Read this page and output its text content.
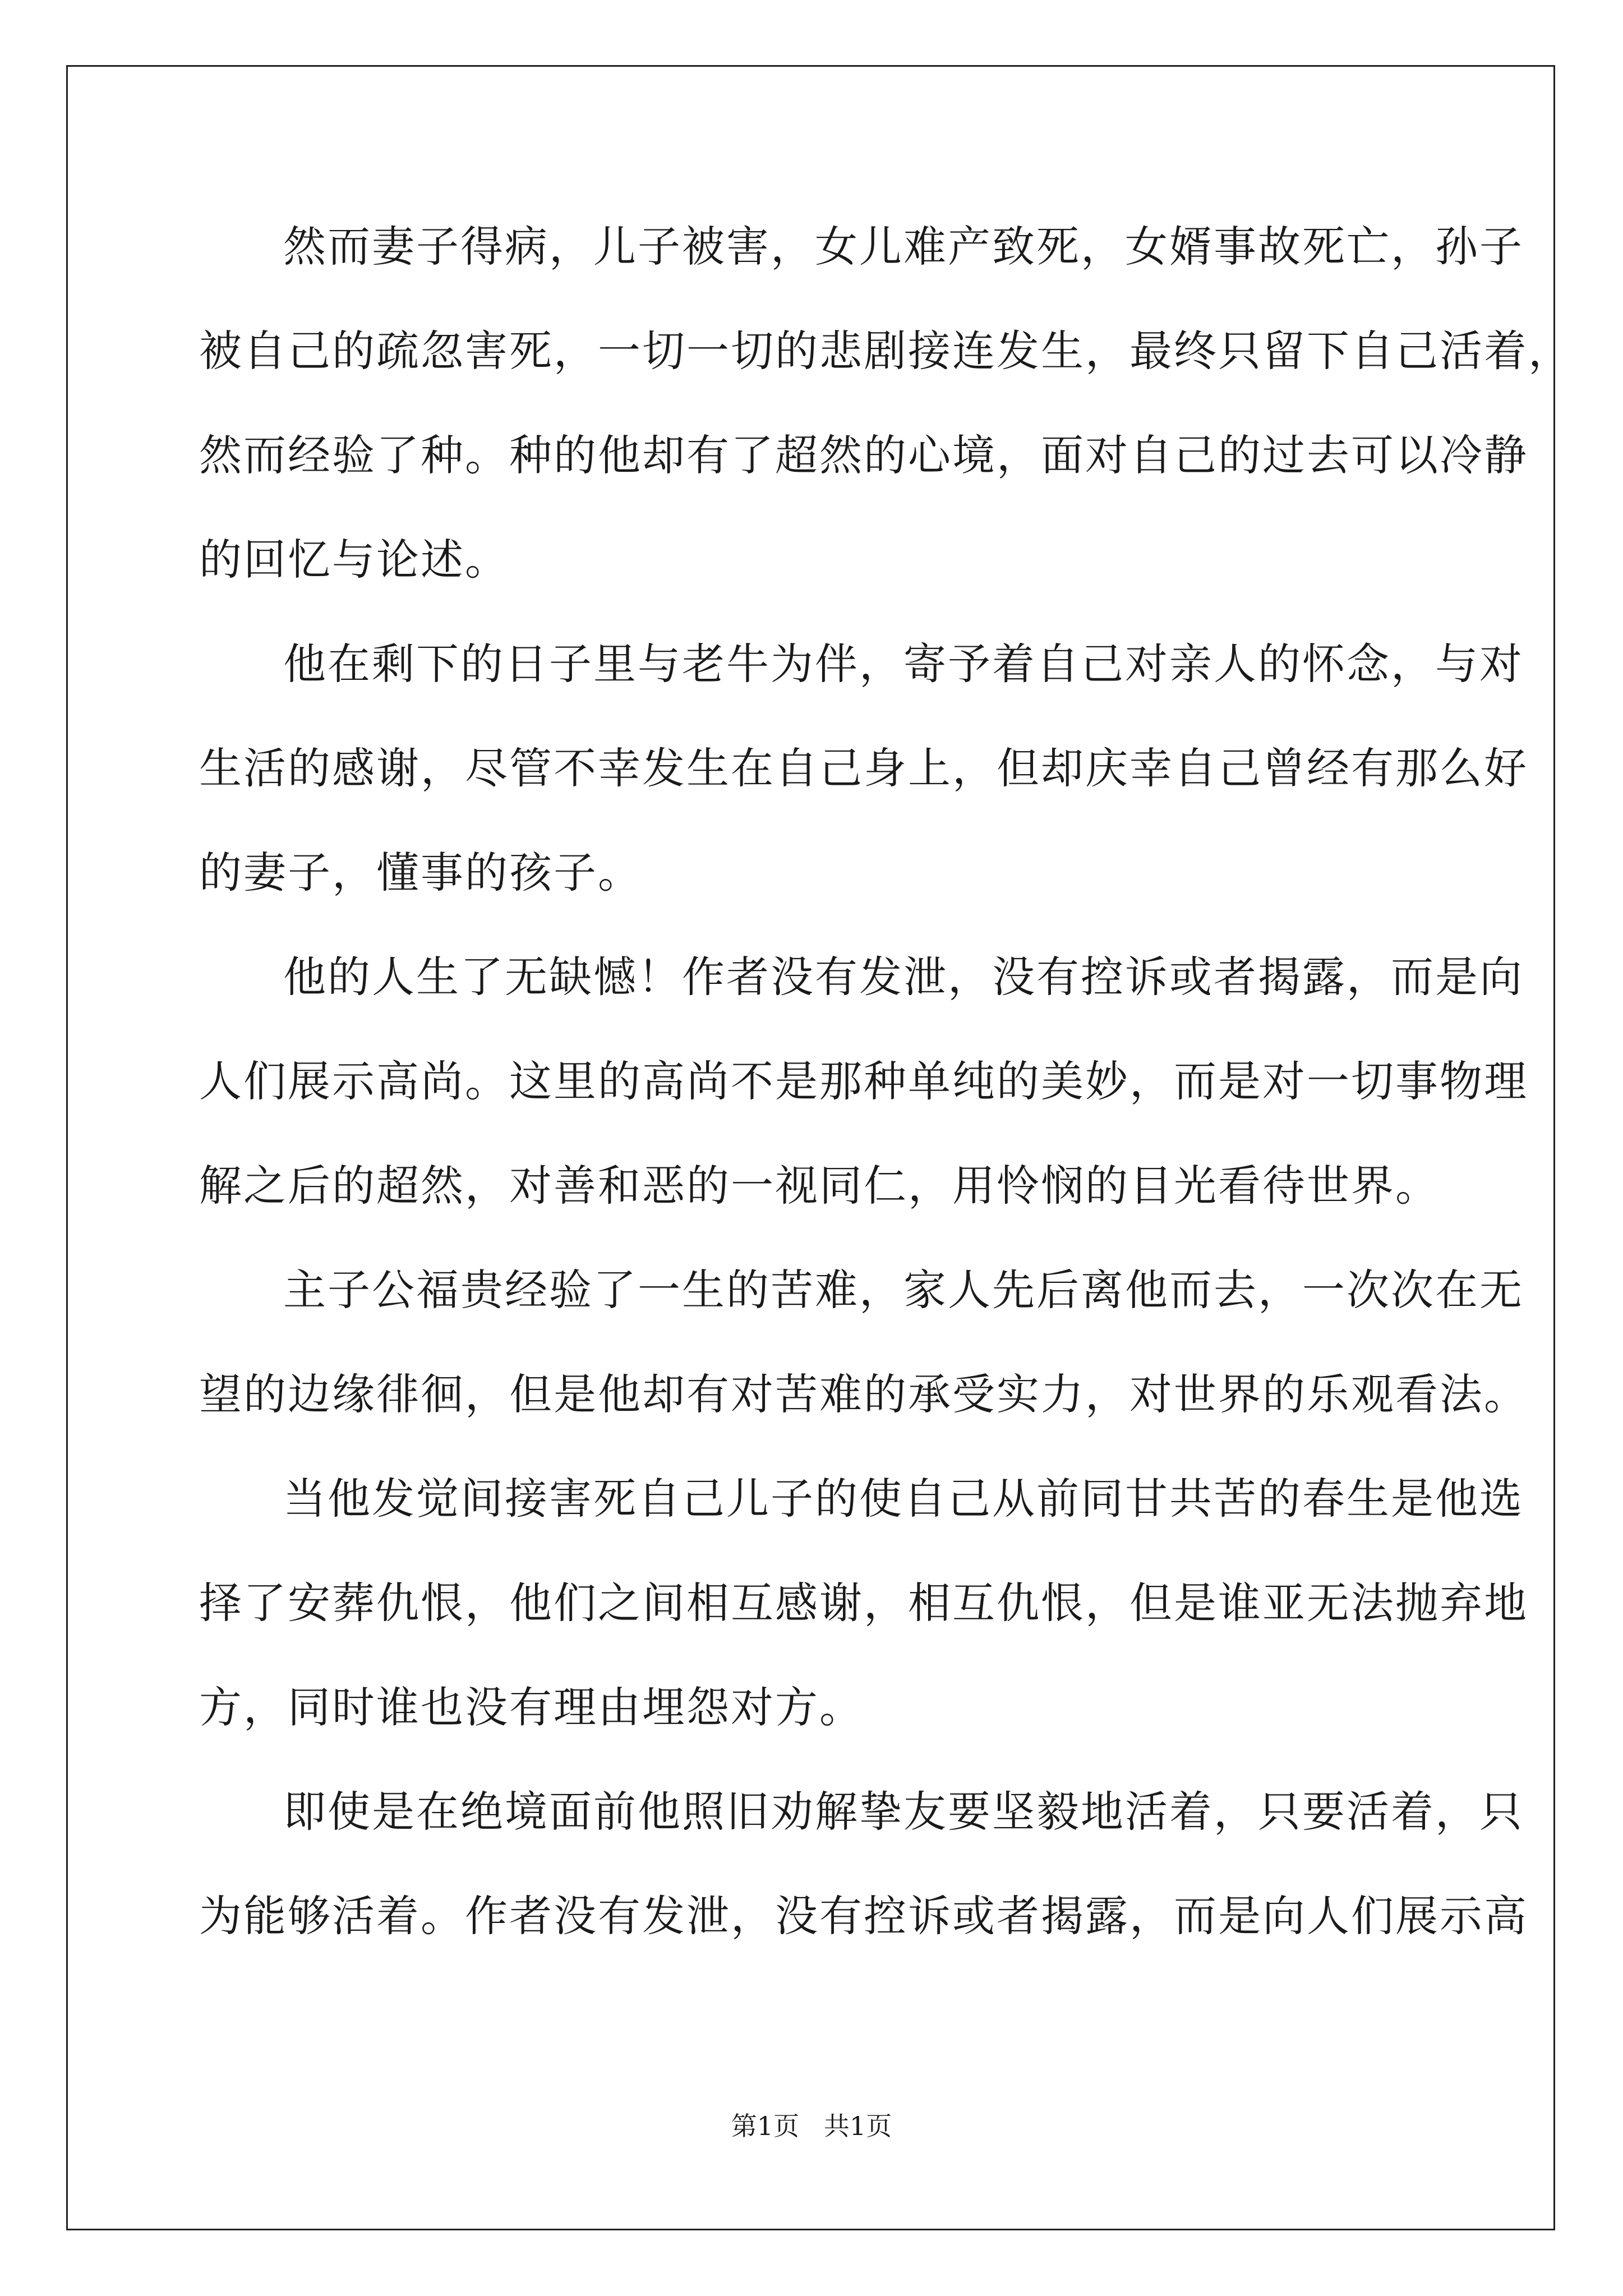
然而妻子得病，儿子被害，女儿难产致死，女婿事故死亡，孙子
被自己的疏忽害死，一切一切的悲剧接连发生，最终只留下自己活着，
然而经验了种。种的他却有了超然的心境，面对自己的过去可以冷静
的回忆与论述。
他在剩下的日子里与老牛为伴，寄予着自己对亲人的怀念，与对
生活的感谢，尽管不幸发生在自己身上，但却庆幸自己曾经有那么好
的妻子，懂事的孩子。
他的人生了无缺憾！作者没有发泄，没有控诉或者揭露，而是向
人们展示高尚。这里的高尚不是那种单纯的美妙，而是对一切事物理
解之后的超然，对善和恶的一视同仁，用怜悯的目光看待世界。
主子公福贵经验了一生的苦难，家人先后离他而去，一次次在无
望的边缘徘徊，但是他却有对苦难的承受实力，对世界的乐观看法。
当他发觉间接害死自己儿子的使自己从前同甘共苦的春生是他选
择了安葬仇恨，他们之间相互感谢，相互仇恨，但是谁亚无法抛弃地
方，同时谁也没有理由埋怨对方。
即使是在绝境面前他照旧劝解挚友要坚毅地活着，只要活着，只
为能够活着。作者没有发泄，没有控诉或者揭露，而是向人们展示高
第1页   共1页
